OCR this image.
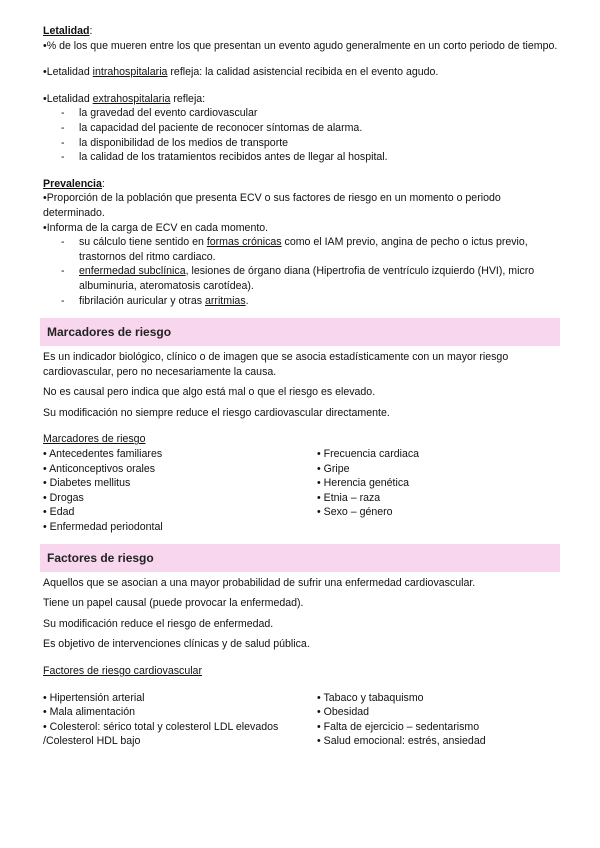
Letalidad:

•% de los que mueren entre los que presentan un evento agudo generalmente en un corto periodo de tiempo.

•Letalidad intrahospitalaria refleja: la calidad asistencial recibida en el evento agudo.

•Letalidad extrahospitalaria refleja:

- la gravedad del evento cardiovascular
- la capacidad del paciente de reconocer síntomas de alarma.
- la disponibilidad de los medios de transporte
- la calidad de los tratamientos recibidos antes de llegar al hospital.

Prevalencia:

•Proporción de la población que presenta ECV o sus factores de riesgo en un momento o periodo determinado.

•Informa de la carga de ECV en cada momento.

- su cálculo tiene sentido en formas crónicas como el IAM previo, angina de pecho o ictus previo, trastornos del ritmo cardiaco.
- enfermedad subclínica, lesiones de órgano diana (Hipertrofia de ventrículo izquierdo (HVI), micro albuminuria, ateromatosis carotídea).
- fibrilación auricular y otras arritmias.
Marcadores de riesgo

Es un indicador biológico, clínico o de imagen que se asocia estadísticamente con un mayor riesgo cardiovascular, pero no necesariamente la causa.

No es causal pero indica que algo está mal o que el riesgo es elevado.

Su modificación no siempre reduce el riesgo cardiovascular directamente.

Marcadores de riesgo

• Antecedentes familiares

• Anticonceptivos orales

• Diabetes mellitus

• Drogas

• Edad

• Enfermedad periodontal

• Frecuencia cardiaca

• Gripe

• Herencia genética

• Etnia – raza

• Sexo – género

Factores de riesgo

Aquellos que se asocian a una mayor probabilidad de sufrir una enfermedad cardiovascular.

Tiene un papel causal (puede provocar la enfermedad).

Su modificación reduce el riesgo de enfermedad.

Es objetivo de intervenciones clínicas y de salud pública.

Factores de riesgo cardiovascular

• Hipertensión arterial

• Mala alimentación

• Colesterol: sérico total y colesterol LDL elevados /Colesterol HDL bajo

• Tabaco y tabaquismo

• Obesidad

• Falta de ejercicio – sedentarismo

• Salud emocional: estrés, ansiedad
